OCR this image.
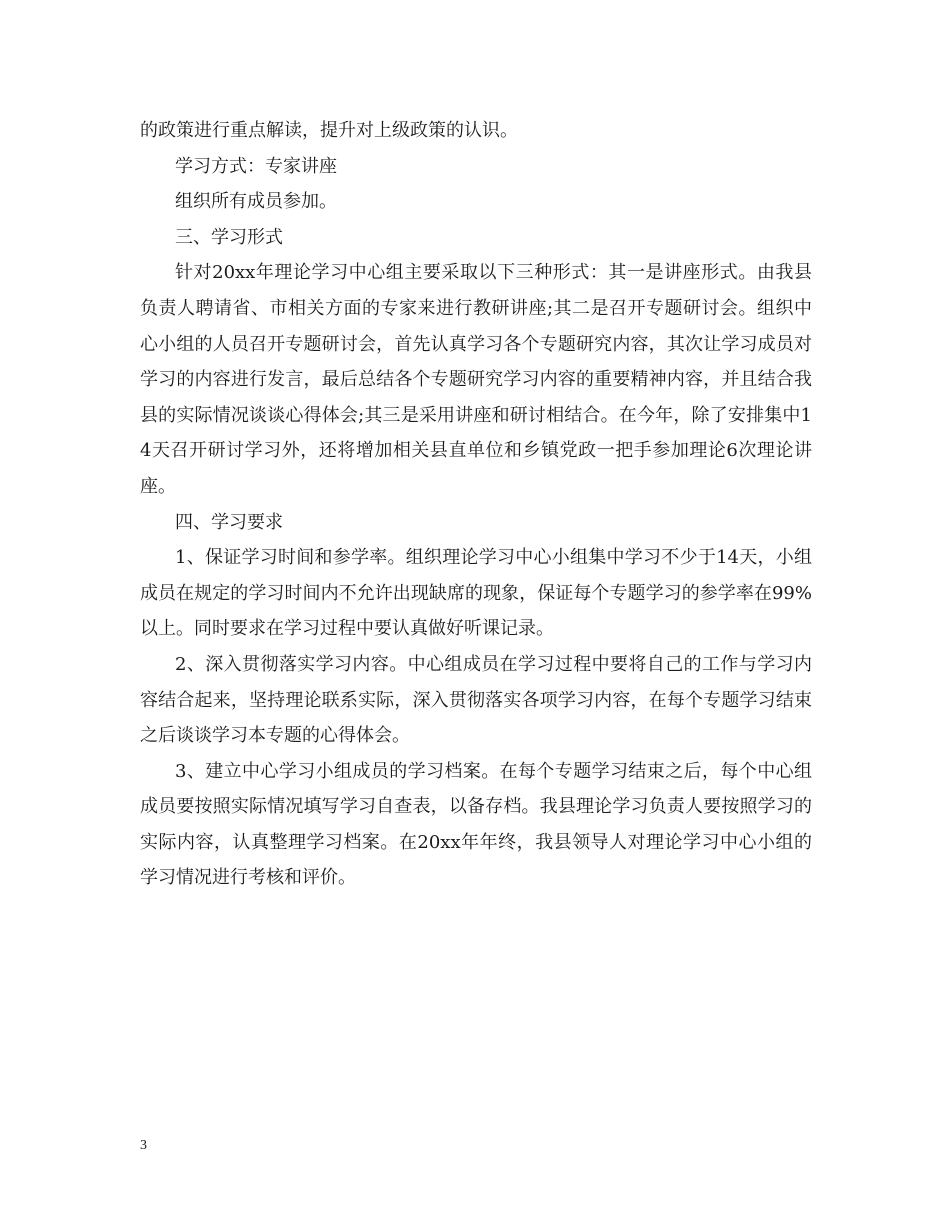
的政策进行重点解读，提升对上级政策的认识。

学习方式：专家讲座

组织所有成员参加。

三、学习形式

针对20xx年理论学习中心组主要采取以下三种形式：其一是讲座形式。由我县负责人聘请省、市相关方面的专家来进行教研讲座;其二是召开专题研讨会。组织中心小组的人员召开专题研讨会，首先认真学习各个专题研究内容，其次让学习成员对学习的内容进行发言，最后总结各个专题研究学习内容的重要精神内容，并且结合我县的实际情况谈谈心得体会;其三是采用讲座和研讨相结合。在今年，除了安排集中14天召开研讨学习外，还将增加相关县直单位和乡镇党政一把手参加理论6次理论讲座。

四、学习要求

1、保证学习时间和参学率。组织理论学习中心小组集中学习不少于14天，小组成员在规定的学习时间内不允许出现缺席的现象，保证每个专题学习的参学率在99%以上。同时要求在学习过程中要认真做好听课记录。

2、深入贯彻落实学习内容。中心组成员在学习过程中要将自己的工作与学习内容结合起来，坚持理论联系实际，深入贯彻落实各项学习内容，在每个专题学习结束之后谈谈学习本专题的心得体会。

3、建立中心学习小组成员的学习档案。在每个专题学习结束之后，每个中心组成员要按照实际情况填写学习自查表，以备存档。我县理论学习负责人要按照学习的实际内容，认真整理学习档案。在20xx年年终，我县领导人对理论学习中心小组的学习情况进行考核和评价。

3
